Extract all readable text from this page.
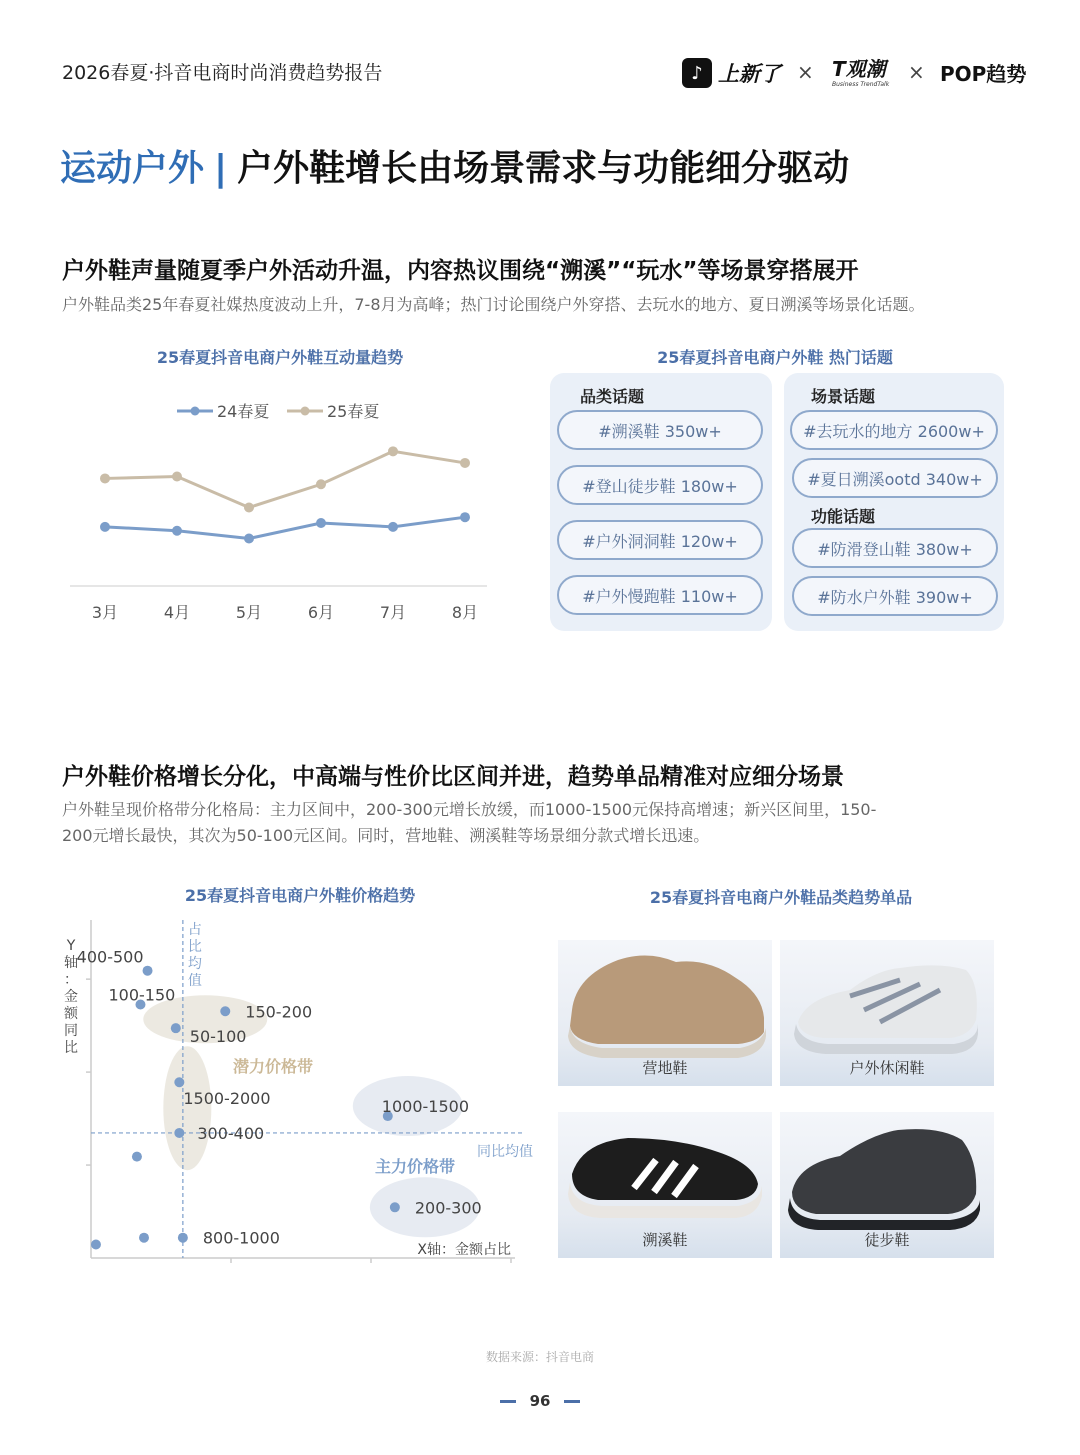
2026春夏·抖音电商时尚消费趋势报告	♪ 上新了 × T观潮
Business TrendTalk
× POP趋势
运动户外 | 户外鞋增长由场景需求与功能细分驱动
户外鞋声量随夏季户外活动升温，内容热议围绕“溯溪”“玩水”等场景穿搭展开
户外鞋品类25年春夏社媒热度波动上升，7-8月为高峰；热门讨论围绕户外穿搭、去玩水的地方、夏日溯溪等场景化话题。
25春夏抖音电商户外鞋互动量趋势
3月	4月	5月	6月	7月	8月
24春夏	25春夏
25春夏抖音电商户外鞋 热门话题
品类话题	场景话题
功能话题
#溯溪鞋 350w+
#登山徒步鞋 180w+
#户外洞洞鞋 120w+
#户外慢跑鞋 110w+
#去玩水的地方 2600w+
#夏日溯溪ootd 340w+
#防滑登山鞋 380w+
#防水户外鞋 390w+
户外鞋价格增长分化，中高端与性价比区间并进，趋势单品精准对应细分场景
户外鞋呈现价格带分化格局：主力区间中，200-300元增长放缓，而1000-1500元保持高增速；新兴区间里，150-
200元增长最快，其次为50-100元区间。同时，营地鞋、溯溪鞋等场景细分款式增长迅速。
25春夏抖音电商户外鞋价格趋势
Y
轴
：
金
额
同
比
占
比
均
值
同比均值
X轴：金额占比
潜力价格带
主力价格带
400-500
100-150
50-100
150-200
1500-2000
300-400
1000-1500
200-300
800-1000
25春夏抖音电商户外鞋品类趋势单品
营地鞋	户外休闲鞋
溯溪鞋	徒步鞋
数据来源：抖音电商
96
